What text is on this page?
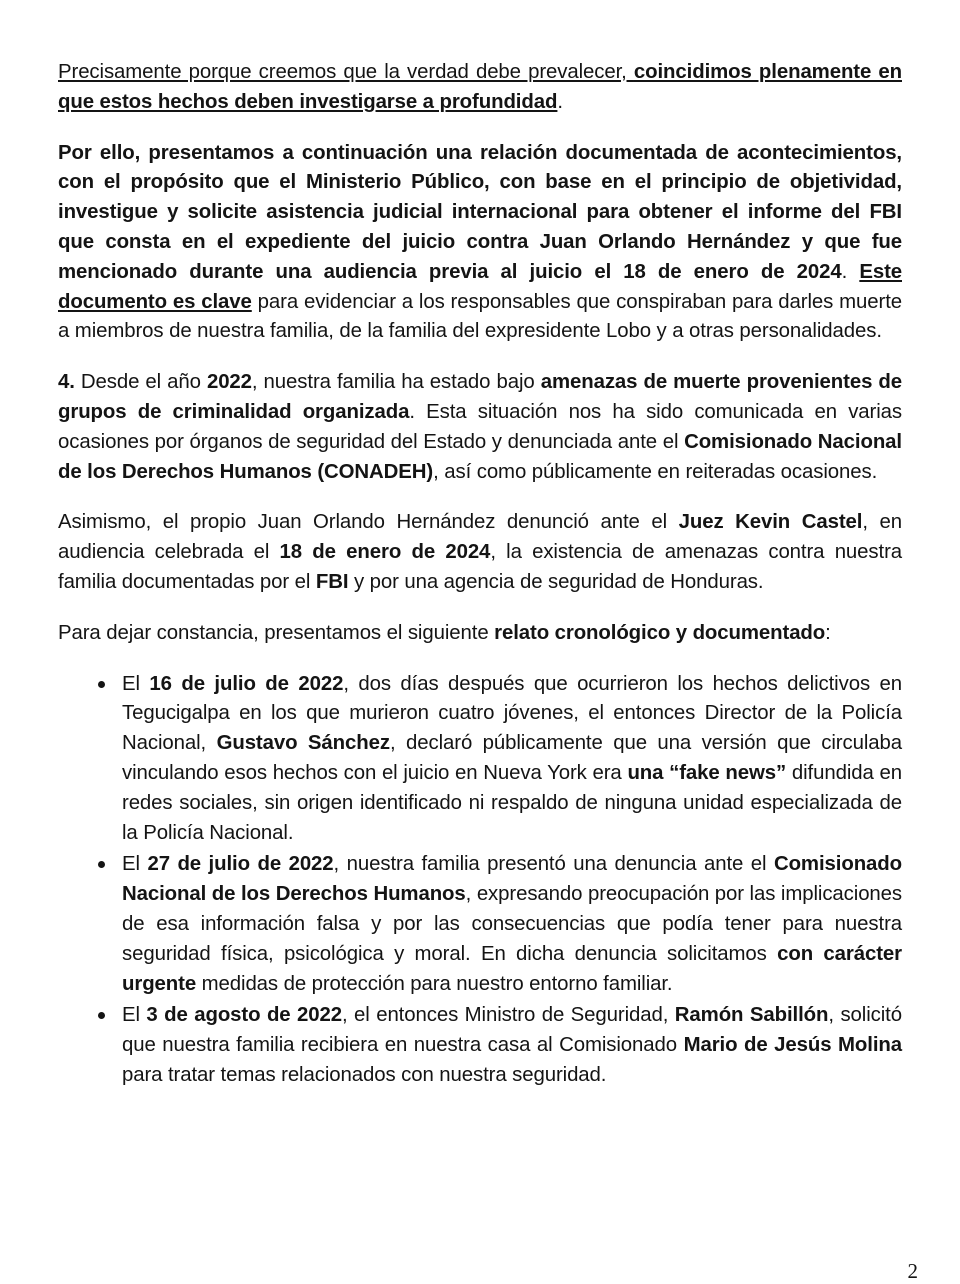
Precisamente porque creemos que la verdad debe prevalecer, coincidimos plenamente en que estos hechos deben investigarse a profundidad.

Por ello, presentamos a continuación una relación documentada de acontecimientos, con el propósito que el Ministerio Público, con base en el principio de objetividad, investigue y solicite asistencia judicial internacional para obtener el informe del FBI que consta en el expediente del juicio contra Juan Orlando Hernández y que fue mencionado durante una audiencia previa al juicio el 18 de enero de 2024. Este documento es clave para evidenciar a los responsables que conspiraban para darles muerte a miembros de nuestra familia, de la familia del expresidente Lobo y a otras personalidades.

4. Desde el año 2022, nuestra familia ha estado bajo amenazas de muerte provenientes de grupos de criminalidad organizada. Esta situación nos ha sido comunicada en varias ocasiones por órganos de seguridad del Estado y denunciada ante el Comisionado Nacional de los Derechos Humanos (CONADEH), así como públicamente en reiteradas ocasiones.

Asimismo, el propio Juan Orlando Hernández denunció ante el Juez Kevin Castel, en audiencia celebrada el 18 de enero de 2024, la existencia de amenazas contra nuestra familia documentadas por el FBI y por una agencia de seguridad de Honduras.

Para dejar constancia, presentamos el siguiente relato cronológico y documentado:

El 16 de julio de 2022, dos días después que ocurrieron los hechos delictivos en Tegucigalpa en los que murieron cuatro jóvenes, el entonces Director de la Policía Nacional, Gustavo Sánchez, declaró públicamente que una versión que circulaba vinculando esos hechos con el juicio en Nueva York era una “fake news” difundida en redes sociales, sin origen identificado ni respaldo de ninguna unidad especializada de la Policía Nacional.
El 27 de julio de 2022, nuestra familia presentó una denuncia ante el Comisionado Nacional de los Derechos Humanos, expresando preocupación por las implicaciones de esa información falsa y por las consecuencias que podía tener para nuestra seguridad física, psicológica y moral. En dicha denuncia solicitamos con carácter urgente medidas de protección para nuestro entorno familiar.
El 3 de agosto de 2022, el entonces Ministro de Seguridad, Ramón Sabillón, solicitó que nuestra familia recibiera en nuestra casa al Comisionado Mario de Jesús Molina para tratar temas relacionados con nuestra seguridad.
2
